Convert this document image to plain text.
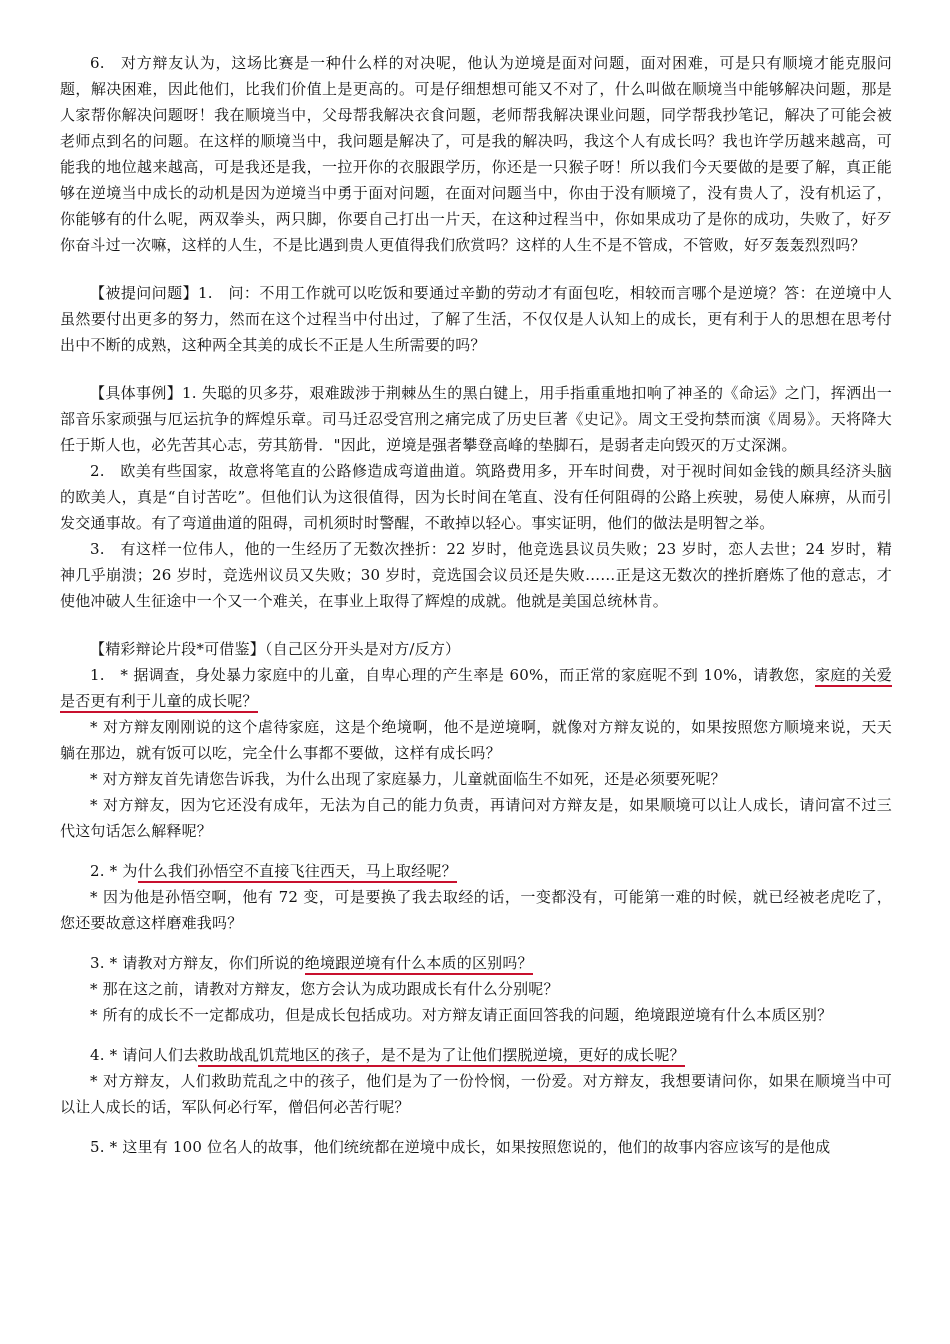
6.　对方辩友认为，这场比赛是一种什么样的对决呢，他认为逆境是面对问题，面对困难，可是只有顺境才能克服问题，解决困难，因此他们，比我们价值上是更高的。可是仔细想想可能又不对了，什么叫做在顺境当中能够解决问题，那是人家帮你解决问题呀！我在顺境当中，父母帮我解决衣食问题，老师帮我解决课业问题，同学帮我抄笔记，解决了可能会被老师点到名的问题。在这样的顺境当中，我问题是解决了，可是我的解决吗，我这个人有成长吗？我也许学历越来越高，可能我的地位越来越高，可是我还是我，一拉开你的衣服跟学历，你还是一只猴子呀！所以我们今天要做的是要了解，真正能够在逆境当中成长的动机是因为逆境当中勇于面对问题，在面对问题当中，你由于没有顺境了，没有贵人了，没有机运了，你能够有的什么呢，两双拳头，两只脚，你要自己打出一片天，在这种过程当中，你如果成功了是你的成功，失败了，好歹你奋斗过一次嘛，这样的人生，不是比遇到贵人更值得我们欣赏吗？这样的人生不是不管成，不管败，好歹轰轰烈烈吗？

【被提问问题】1.　问：不用工作就可以吃饭和要通过辛勤的劳动才有面包吃，相较而言哪个是逆境？答：在逆境中人虽然要付出更多的努力，然而在这个过程当中付出过，了解了生活，不仅仅是人认知上的成长，更有利于人的思想在思考付出中不断的成熟，这种两全其美的成长不正是人生所需要的吗？

【具体事例】1. 失聪的贝多芬，艰难跋涉于荆棘丛生的黑白键上，用手指重重地扣响了神圣的《命运》之门，挥洒出一部音乐家顽强与厄运抗争的辉煌乐章。司马迁忍受宫刑之痛完成了历史巨著《史记》。周文王受拘禁而演《周易》。天将降大任于斯人也，必先苦其心志，劳其筋骨．"因此，逆境是强者攀登高峰的垫脚石，是弱者走向毁灭的万丈深渊。

2.　欧美有些国家，故意将笔直的公路修造成弯道曲道。筑路费用多，开车时间费，对于视时间如金钱的颇具经济头脑的欧美人，真是“自讨苦吃”。但他们认为这很值得，因为长时间在笔直、没有任何阻碍的公路上疾驶，易使人麻痹，从而引发交通事故。有了弯道曲道的阻碍，司机须时时警醒，不敢掉以轻心。事实证明，他们的做法是明智之举。

3.　有这样一位伟人，他的一生经历了无数次挫折：22 岁时，他竞选县议员失败；23 岁时，恋人去世；24 岁时，精神几乎崩溃；26 岁时，竞选州议员又失败；30 岁时，竞选国会议员还是失败……正是这无数次的挫折磨炼了他的意志，才使他冲破人生征途中一个又一个难关，在事业上取得了辉煌的成就。他就是美国总统林肯。

【精彩辩论片段*可借鉴】（自己区分开头是对方/反方）

1.　* 据调查，身处暴力家庭中的儿童，自卑心理的产生率是 60%，而正常的家庭呢不到 10%，请教您，家庭的关爱是否更有利于儿童的成长呢？

* 对方辩友刚刚说的这个虐待家庭，这是个绝境啊，他不是逆境啊，就像对方辩友说的，如果按照您方顺境来说，天天躺在那边，就有饭可以吃，完全什么事都不要做，这样有成长吗？

* 对方辩友首先请您告诉我，为什么出现了家庭暴力，儿童就面临生不如死，还是必须要死呢？

* 对方辩友，因为它还没有成年，无法为自己的能力负责，再请问对方辩友是，如果顺境可以让人成长，请问富不过三代这句话怎么解释呢？

2. * 为什么我们孙悟空不直接飞往西天，马上取经呢？

* 因为他是孙悟空啊，他有 72 变，可是要换了我去取经的话，一变都没有，可能第一难的时候，就已经被老虎吃了，您还要故意这样磨难我吗？

3. * 请教对方辩友，你们所说的绝境跟逆境有什么本质的区别吗？

* 那在这之前，请教对方辩友，您方会认为成功跟成长有什么分别呢？

* 所有的成长不一定都成功，但是成长包括成功。对方辩友请正面回答我的问题，绝境跟逆境有什么本质区别？

4. * 请问人们去救助战乱饥荒地区的孩子，是不是为了让他们摆脱逆境，更好的成长呢？

* 对方辩友，人们救助荒乱之中的孩子，他们是为了一份怜悯，一份爱。对方辩友，我想要请问你，如果在顺境当中可以让人成长的话，军队何必行军，僧侣何必苦行呢？

5. * 这里有 100 位名人的故事，他们统统都在逆境中成长，如果按照您说的，他们的故事内容应该写的是他成
